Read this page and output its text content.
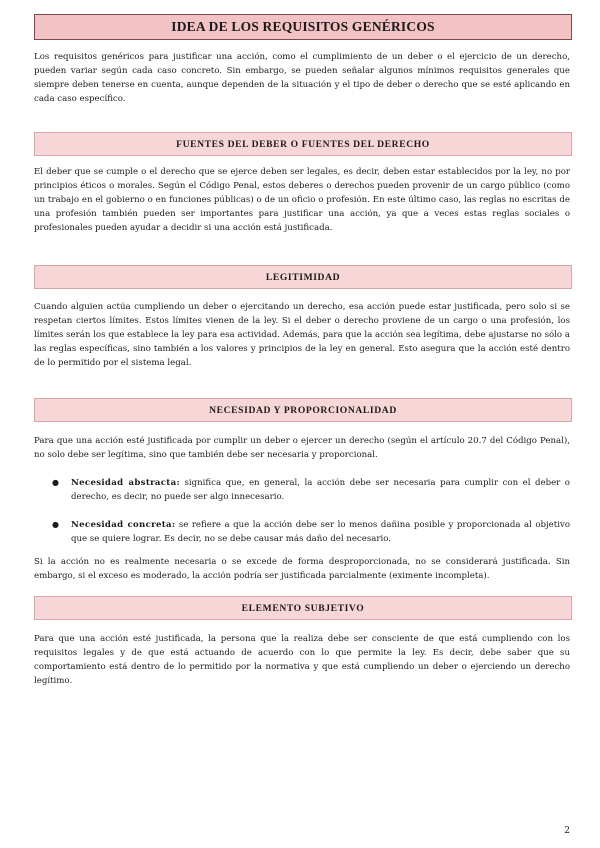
IDEA DE LOS REQUISITOS GENÉRICOS

Los requisitos genéricos para justificar una acción, como el cumplimiento de un deber o el ejercicio de un derecho, pueden variar según cada caso concreto. Sin embargo, se pueden señalar algunos mínimos requisitos generales que siempre deben tenerse en cuenta, aunque dependen de la situación y el tipo de deber o derecho que se esté aplicando en cada caso específico.

FUENTES DEL DEBER O FUENTES DEL DERECHO

El deber que se cumple o el derecho que se ejerce deben ser legales, es decir, deben estar establecidos por la ley, no por principios éticos o morales. Según el Código Penal, estos deberes o derechos pueden provenir de un cargo público (como un trabajo en el gobierno o en funciones públicas) o de un oficio o profesión. En este último caso, las reglas no escritas de una profesión también pueden ser importantes para justificar una acción, ya que a veces estas reglas sociales o profesionales pueden ayudar a decidir si una acción está justificada.

LEGITIMIDAD

Cuando alguien actúa cumpliendo un deber o ejercitando un derecho, esa acción puede estar justificada, pero solo si se respetan ciertos límites. Estos límites vienen de la ley. Si el deber o derecho proviene de un cargo o una profesión, los límites serán los que establece la ley para esa actividad. Además, para que la acción sea legítima, debe ajustarse no sólo a las reglas específicas, sino también a los valores y principios de la ley en general. Esto asegura que la acción esté dentro de lo permitido por el sistema legal.

NECESIDAD Y PROPORCIONALIDAD

Para que una acción esté justificada por cumplir un deber o ejercer un derecho (según el artículo 20.7 del Código Penal), no solo debe ser legítima, sino que también debe ser necesaria y proporcional.

● Necesidad abstracta: significa que, en general, la acción debe ser necesaria para cumplir con el deber o derecho, es decir, no puede ser algo innecesario.
● Necesidad concreta: se refiere a que la acción debe ser lo menos dañina posible y proporcionada al objetivo que se quiere lograr. Es decir, no se debe causar más daño del necesario.

Si la acción no es realmente necesaria o se excede de forma desproporcionada, no se considerará justificada. Sin embargo, si el exceso es moderado, la acción podría ser justificada parcialmente (eximente incompleta).

ELEMENTO SUBJETIVO

Para que una acción esté justificada, la persona que la realiza debe ser consciente de que está cumpliendo con los requisitos legales y de que está actuando de acuerdo con lo que permite la ley. Es decir, debe saber que su comportamiento está dentro de lo permitido por la normativa y que está cumpliendo un deber o ejerciendo un derecho legítimo.

2
